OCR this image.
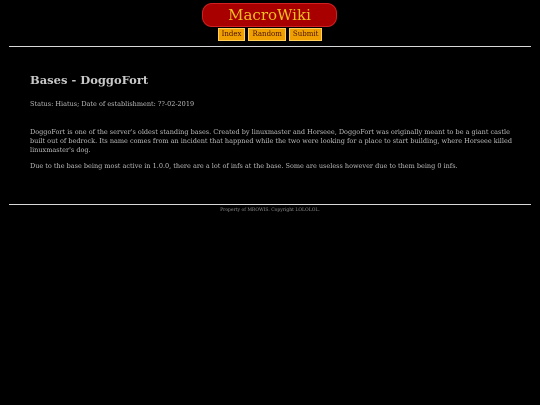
MacroWiki
Index Random Submit
Bases - DoggoFort

Status: Hiatus; Date of establishment: ??-02-2019

DoggoFort is one of the server's oldest standing bases. Created by linuxmaster and Horseee, DoggoFort was originally meant to be a giant castle built out of bedrock. Its name comes from an incident that happned while the two were looking for a place to start building, where Horseee killed linuxmaster's dog.

Due to the base being most active in 1.0.0, there are a lot of infs at the base. Some are useless however due to them being 0 infs.

Property of MROWIS. Copyright LOLOLOL.
